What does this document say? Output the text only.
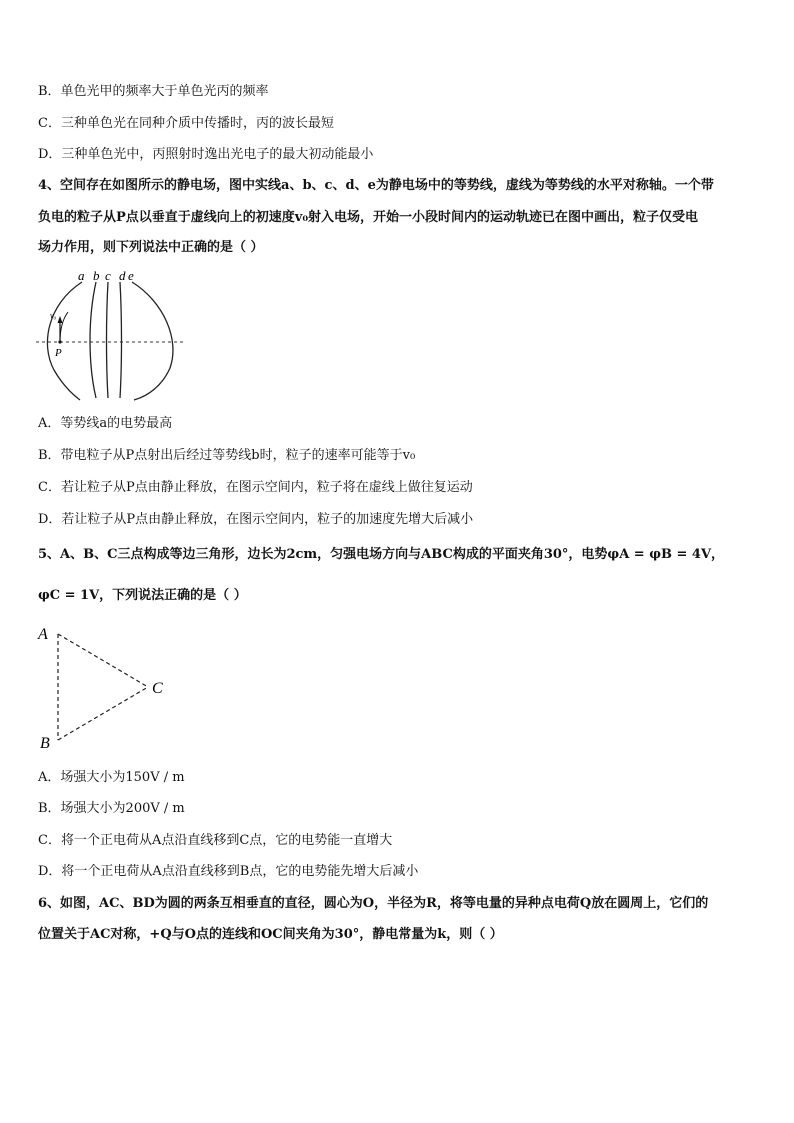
B．单色光甲的频率大于单色光丙的频率
C．三种单色光在同种介质中传播时，丙的波长最短
D．三种单色光中，丙照射时逸出光电子的最大初动能最小
4、空间存在如图所示的静电场，图中实线a、b、c、d、e为静电场中的等势线，虚线为等势线的水平对称轴。一个带
负电的粒子从P点以垂直于虚线向上的初速度v₀射入电场，开始一小段时间内的运动轨迹已在图中画出，粒子仅受电
场力作用，则下列说法中正确的是（ ）
a b c d e
v₀
P
A．等势线a的电势最高
B．带电粒子从P点射出后经过等势线b时，粒子的速率可能等于v₀
C．若让粒子从P点由静止释放，在图示空间内，粒子将在虚线上做往复运动
D．若让粒子从P点由静止释放，在图示空间内，粒子的加速度先增大后减小
5、A、B、C三点构成等边三角形，边长为2cm，匀强电场方向与ABC构成的平面夹角30°，电势φA = φB = 4V，
φC = 1V，下列说法正确的是（ ）
A
B
C
A．场强大小为150V / m
B．场强大小为200V / m
C．将一个正电荷从A点沿直线移到C点，它的电势能一直增大
D．将一个正电荷从A点沿直线移到B点，它的电势能先增大后减小
6、如图，AC、BD为圆的两条互相垂直的直径，圆心为O，半径为R，将等电量的异种点电荷Q放在圆周上，它们的
位置关于AC对称，+Q与O点的连线和OC间夹角为30°，静电常量为k，则（ ）
